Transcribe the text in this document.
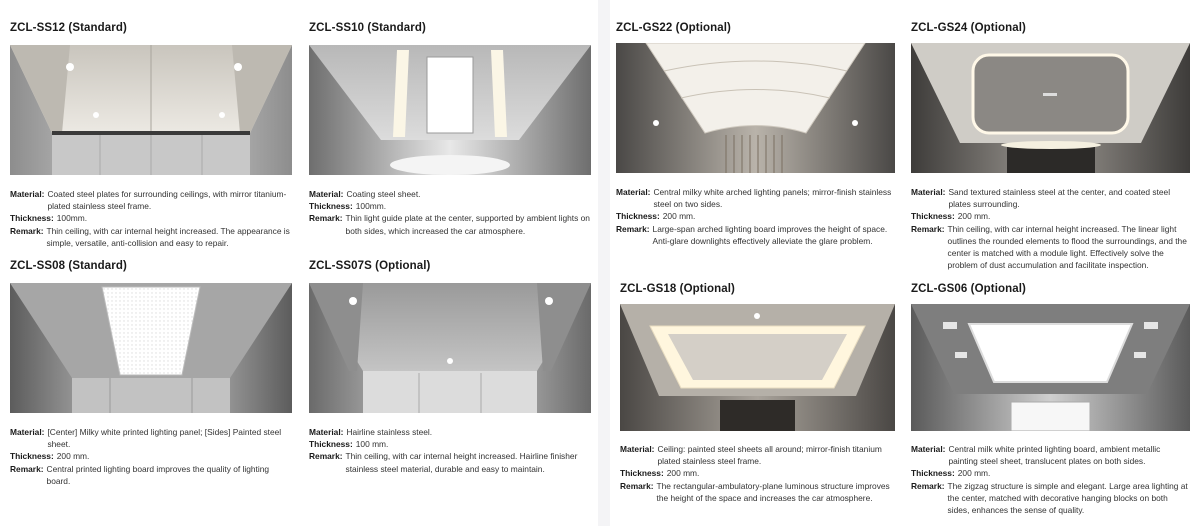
ZCL-SS12 (Standard)
Material: Coated steel plates for surrounding ceilings, with mirror titanium-plated stainless steel frame.
Thickness: 100mm.
Remark: Thin ceiling, with car internal height increased. The appearance is simple, versatile, anti-collision and easy to repair.
ZCL-SS10 (Standard)
Material: Coating steel sheet.
Thickness: 100mm.
Remark: Thin light guide plate at the center, supported by ambient lights on both sides, which increased the car atmosphere.
ZCL-GS22 (Optional)
Material: Central milky white arched lighting panels; mirror-finish stainless steel on two sides.
Thickness: 200 mm.
Remark: Large-span arched lighting board improves the height of space. Anti-glare downlights effectively alleviate the glare problem.
ZCL-GS24 (Optional)
Material: Sand textured stainless steel at the center, and coated steel plates surrounding.
Thickness: 200 mm.
Remark: Thin ceiling, with car internal height increased. The linear light outlines the rounded elements to flood the surroundings, and the center is matched with a module light. Effectively solve the problem of dust accumulation and facilitate inspection.
ZCL-SS08 (Standard)
Material: [Center] Milky white printed lighting panel; [Sides] Painted steel sheet.
Thickness: 200 mm.
Remark: Central printed lighting board improves the quality of lighting board.
ZCL-SS07S (Optional)
Material: Hairline stainless steel.
Thickness: 100 mm.
Remark: Thin ceiling, with car internal height increased. Hairline finisher stainless steel material, durable and easy to maintain.
ZCL-GS18 (Optional)
Material: Ceiling: painted steel sheets all around; mirror-finish titanium plated stainless steel frame.
Thickness: 200 mm.
Remark: The rectangular-ambulatory-plane luminous structure improves the height of the space and increases the car atmosphere.
ZCL-GS06 (Optional)
Material: Central milk white printed lighting board, ambient metallic painting steel sheet, translucent plates on both sides.
Thickness: 200 mm.
Remark: The zigzag structure is simple and elegant. Large area lighting at the center, matched with decorative hanging blocks on both sides, enhances the sense of quality.
